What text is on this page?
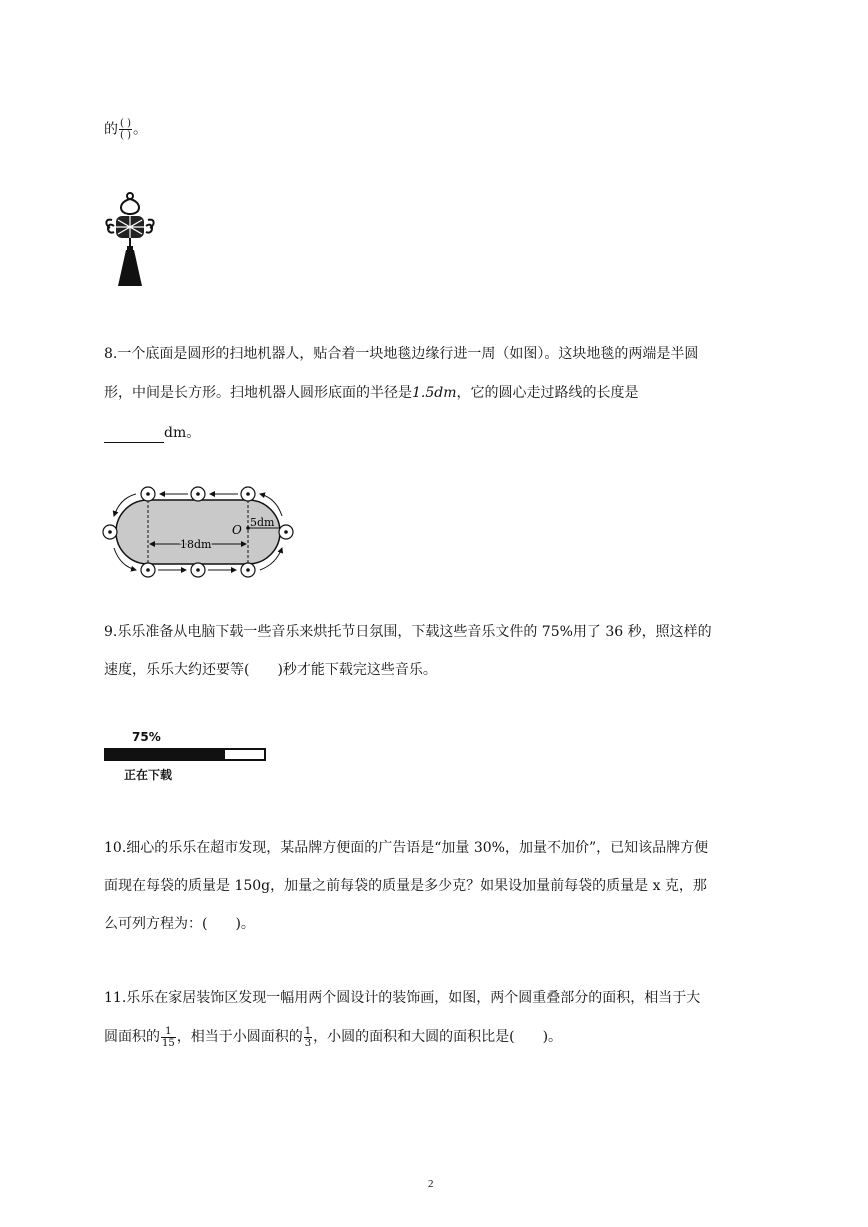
的 $\frac{( )}{( )}$ 。
8.一个底面是圆形的扫地机器人，贴合着一块地毯边缘行进一周（如图）。这块地毯的两端是半圆
形，中间是长方形。扫地机器人圆形底面的半径是1.5dm，它的圆心走过路线的长度是
dm。
O
5dm
18dm
9.乐乐准备从电脑下载一些音乐来烘托节日氛围，下载这些音乐文件的 75%用了 36 秒，照这样的
速度，乐乐大约还要等(　　)秒才能下载完这些音乐。
75%
正在下载
10.细心的乐乐在超市发现，某品牌方便面的广告语是“加量 30%，加量不加价”，已知该品牌方便
面现在每袋的质量是 150g，加量之前每袋的质量是多少克？如果设加量前每袋的质量是 x 克，那
么可列方程为：(　　)。
11.乐乐在家居装饰区发现一幅用两个圆设计的装饰画，如图，两个圆重叠部分的面积，相当于大
圆面积的 $\frac{1}{15}$ ，相当于小圆面积的 $\frac{1}{3}$ ，小圆的面积和大圆的面积比是(　　)。
2
